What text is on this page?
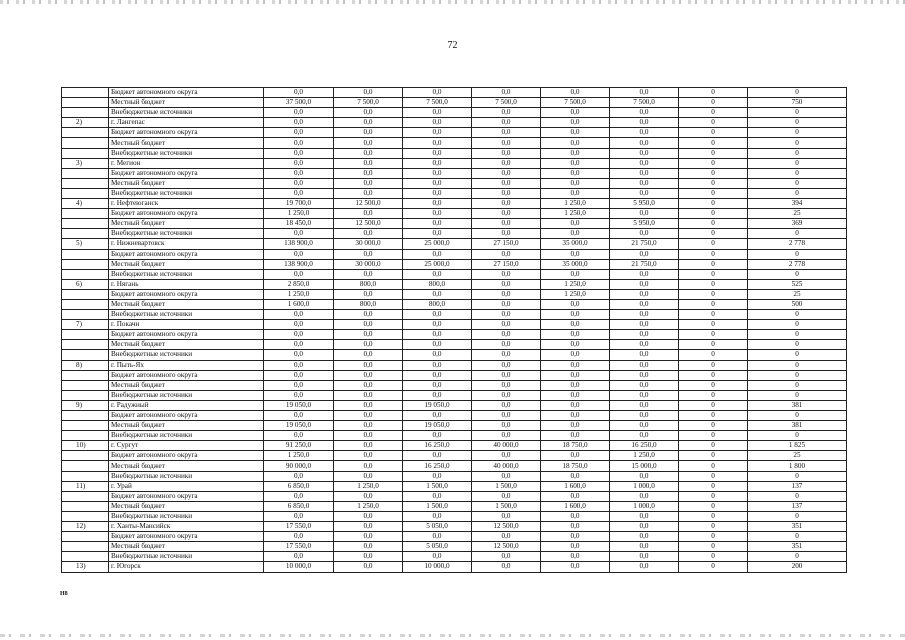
72
	Бюджет автономного округа	0,0	0,0	0,0	0,0	0,0	0,0	0	0
	Местный бюджет	37 500,0	7 500,0	7 500,0	7 500,0	7 500,0	7 500,0	0	750
	Внебюджетные источники	0,0	0,0	0,0	0,0	0,0	0,0	0	0
2)	г. Лангепас	0,0	0,0	0,0	0,0	0,0	0,0	0	0
	Бюджет автономного округа	0,0	0,0	0,0	0,0	0,0	0,0	0	0
	Местный бюджет	0,0	0,0	0,0	0,0	0,0	0,0	0	0
	Внебюджетные источники	0,0	0,0	0,0	0,0	0,0	0,0	0	0
3)	г. Мегион	0,0	0,0	0,0	0,0	0,0	0,0	0	0
	Бюджет автономного округа	0,0	0,0	0,0	0,0	0,0	0,0	0	0
	Местный бюджет	0,0	0,0	0,0	0,0	0,0	0,0	0	0
	Внебюджетные источники	0,0	0,0	0,0	0,0	0,0	0,0	0	0
4)	г. Нефтеюганск	19 700,0	12 500,0	0,0	0,0	1 250,0	5 950,0	0	394
	Бюджет автономного округа	1 250,0	0,0	0,0	0,0	1 250,0	0,0	0	25
	Местный бюджет	18 450,0	12 500,0	0,0	0,0	0,0	5 950,0	0	369
	Внебюджетные источники	0,0	0,0	0,0	0,0	0,0	0,0	0	0
5)	г. Нижневартовск	138 900,0	30 000,0	25 000,0	27 150,0	35 000,0	21 750,0	0	2 778
	Бюджет автономного округа	0,0	0,0	0,0	0,0	0,0	0,0	0	0
	Местный бюджет	138 900,0	30 000,0	25 000,0	27 150,0	35 000,0	21 750,0	0	2 778
	Внебюджетные источники	0,0	0,0	0,0	0,0	0,0	0,0	0	0
6)	г. Нягань	2 850,0	800,0	800,0	0,0	1 250,0	0,0	0	525
	Бюджет автономного округа	1 250,0	0,0	0,0	0,0	1 250,0	0,0	0	25
	Местный бюджет	1 600,0	800,0	800,0	0,0	0,0	0,0	0	500
	Внебюджетные источники	0,0	0,0	0,0	0,0	0,0	0,0	0	0
7)	г. Покачи	0,0	0,0	0,0	0,0	0,0	0,0	0	0
	Бюджет автономного округа	0,0	0,0	0,0	0,0	0,0	0,0	0	0
	Местный бюджет	0,0	0,0	0,0	0,0	0,0	0,0	0	0
	Внебюджетные источники	0,0	0,0	0,0	0,0	0,0	0,0	0	0
8)	г. Пыть-Ях	0,0	0,0	0,0	0,0	0,0	0,0	0	0
	Бюджет автономного округа	0,0	0,0	0,0	0,0	0,0	0,0	0	0
	Местный бюджет	0,0	0,0	0,0	0,0	0,0	0,0	0	0
	Внебюджетные источники	0,0	0,0	0,0	0,0	0,0	0,0	0	0
9)	г. Радужный	19 050,0	0,0	19 050,0	0,0	0,0	0,0	0	381
	Бюджет автономного округа	0,0	0,0	0,0	0,0	0,0	0,0	0	0
	Местный бюджет	19 050,0	0,0	19 050,0	0,0	0,0	0,0	0	381
	Внебюджетные источники	0,0	0,0	0,0	0,0	0,0	0,0	0	0
10)	г. Сургут	91 250,0	0,0	16 250,0	40 000,0	18 750,0	16 250,0	0	1 825
	Бюджет автономного округа	1 250,0	0,0	0,0	0,0	0,0	1 250,0	0	25
	Местный бюджет	90 000,0	0,0	16 250,0	40 000,0	18 750,0	15 000,0	0	1 800
	Внебюджетные источники	0,0	0,0	0,0	0,0	0,0	0,0	0	0
11)	г. Урай	6 850,0	1 250,0	1 500,0	1 500,0	1 600,0	1 000,0	0	137
	Бюджет автономного округа	0,0	0,0	0,0	0,0	0,0	0,0	0	0
	Местный бюджет	6 850,0	1 250,0	1 500,0	1 500,0	1 600,0	1 000,0	0	137
	Внебюджетные источники	0,0	0,0	0,0	0,0	0,0	0,0	0	0
12)	г. Ханты-Мансийск	17 550,0	0,0	5 050,0	12 500,0	0,0	0,0	0	351
	Бюджет автономного округа	0,0	0,0	0,0	0,0	0,0	0,0	0	0
	Местный бюджет	17 550,0	0,0	5 050,0	12 500,0	0,0	0,0	0	351
	Внебюджетные источники	0,0	0,0	0,0	0,0	0,0	0,0	0	0
13)	г. Югорск	10 000,0	0,0	10 000,0	0,0	0,0	0,0	0	200
H8
